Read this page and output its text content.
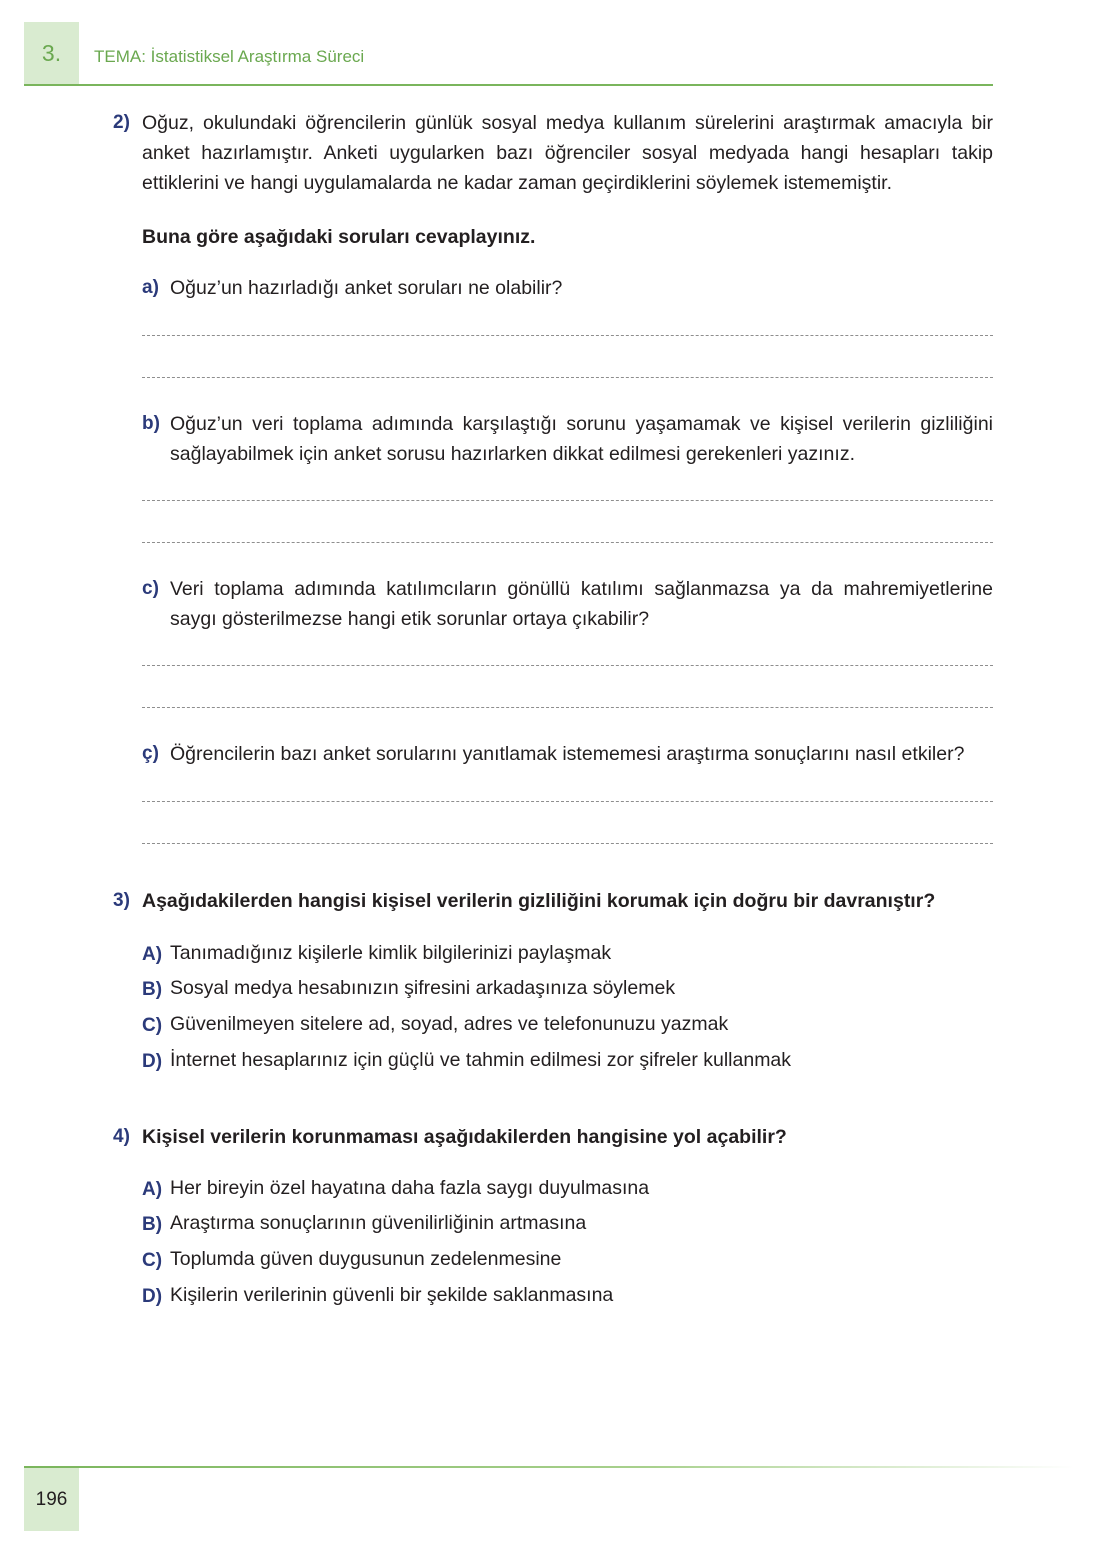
3.	TEMA: İstatistiksel Araştırma Süreci
2) Oğuz, okulundaki öğrencilerin günlük sosyal medya kullanım sürelerini araştırmak amacıyla bir anket hazırlamıştır. Anketi uygularken bazı öğrenciler sosyal medyada hangi hesapları takip ettiklerini ve hangi uygulamalarda ne kadar zaman geçirdiklerini söylemek istememiştir.
Buna göre aşağıdaki soruları cevaplayınız.
a) Oğuz’un hazırladığı anket soruları ne olabilir?
b) Oğuz’un veri toplama adımında karşılaştığı sorunu yaşamamak ve kişisel verilerin gizliliğini sağlayabilmek için anket sorusu hazırlarken dikkat edilmesi gerekenleri yazınız.
c) Veri toplama adımında katılımcıların gönüllü katılımı sağlanmazsa ya da mahremiyetlerine saygı gösterilmezse hangi etik sorunlar ortaya çıkabilir?
ç) Öğrencilerin bazı anket sorularını yanıtlamak istememesi araştırma sonuçlarını nasıl etkiler?
3) Aşağıdakilerden hangisi kişisel verilerin gizliliğini korumak için doğru bir davranıştır?
A) Tanımadığınız kişilerle kimlik bilgilerinizi paylaşmak
B) Sosyal medya hesabınızın şifresini arkadaşınıza söylemek
C) Güvenilmeyen sitelere ad, soyad, adres ve telefonunuzu yazmak
D) İnternet hesaplarınız için güçlü ve tahmin edilmesi zor şifreler kullanmak
4) Kişisel verilerin korunmaması aşağıdakilerden hangisine yol açabilir?
A) Her bireyin özel hayatına daha fazla saygı duyulmasına
B) Araştırma sonuçlarının güvenilirliğinin artmasına
C) Toplumda güven duygusunun zedelenmesine
D) Kişilerin verilerinin güvenli bir şekilde saklanmasına
196
